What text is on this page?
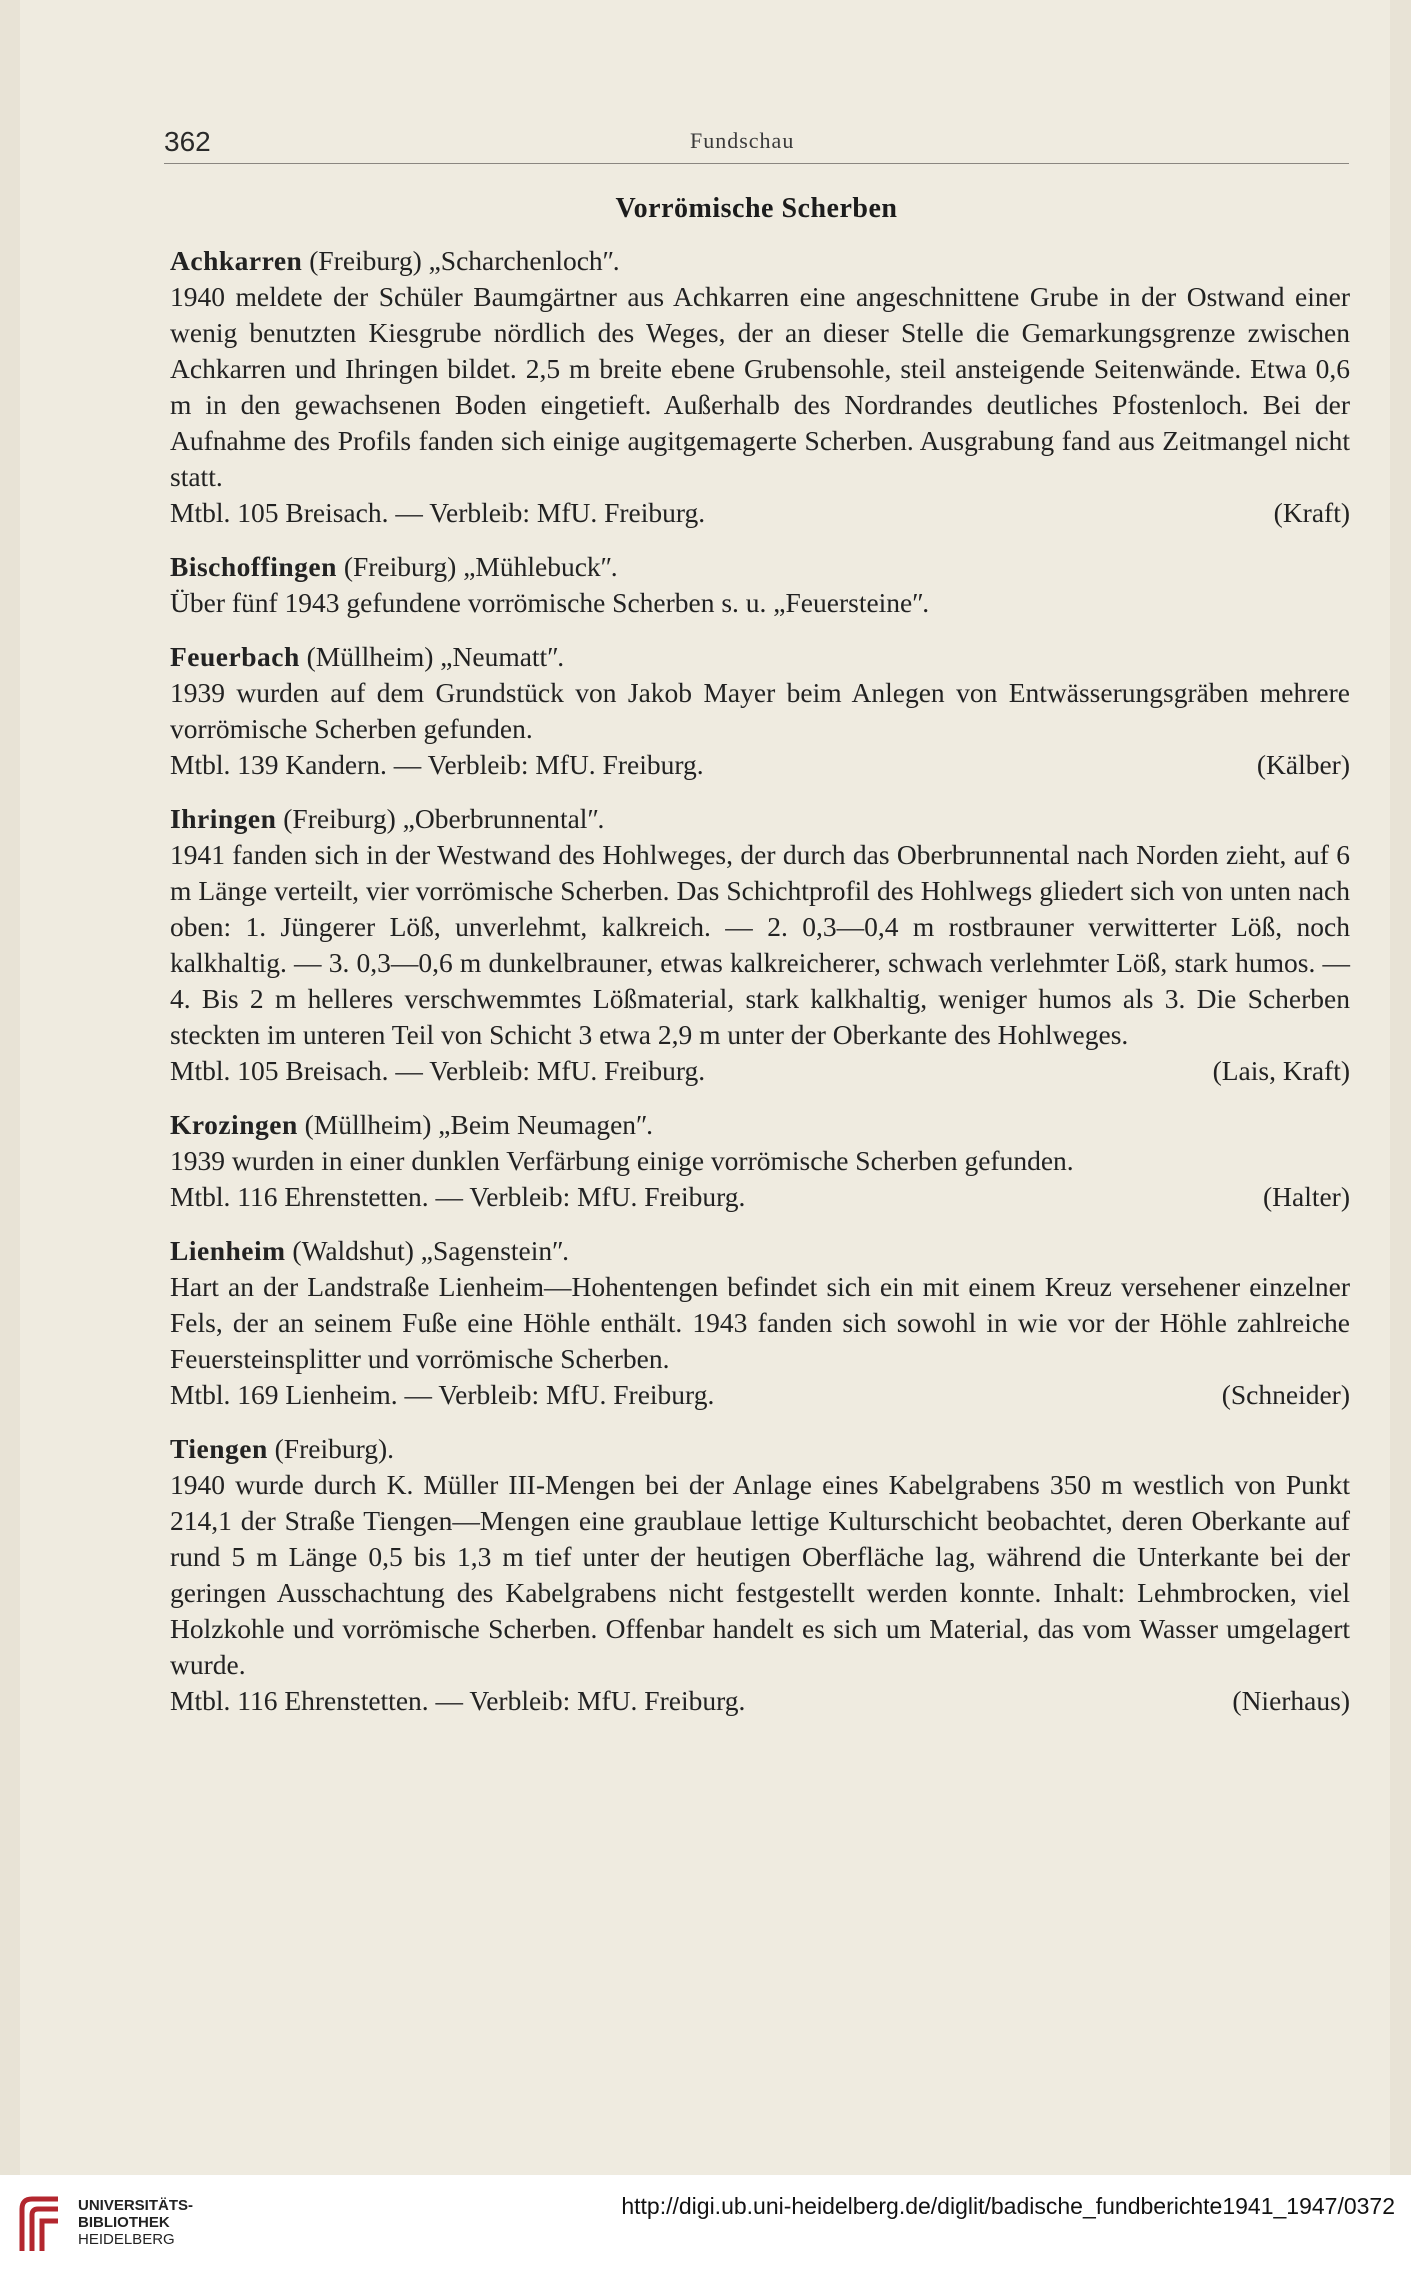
362	Fundschau
Vorrömische Scherben

Achkarren (Freiburg) „Scharchenlochʺ.

1940 meldete der Schüler Baumgärtner aus Achkarren eine angeschnittene Grube in der Ostwand einer wenig benutzten Kiesgrube nördlich des Weges, der an dieser Stelle die Gemarkungsgrenze zwischen Achkarren und Ihringen bildet. 2,5 m breite ebene Grubensohle, steil ansteigende Seitenwände. Etwa 0,6 m in den gewachsenen Boden eingetieft. Außerhalb des Nordrandes deutliches Pfostenloch. Bei der Aufnahme des Profils fanden sich einige augitgemagerte Scherben. Ausgrabung fand aus Zeitmangel nicht statt.

Mtbl. 105 Breisach. — Verbleib: MfU. Freiburg.	(Kraft)

Bischoffingen (Freiburg) „Mühlebuckʺ.

Über fünf 1943 gefundene vorrömische Scherben s. u. „Feuersteineʺ.

Feuerbach (Müllheim) „Neumattʺ.

1939 wurden auf dem Grundstück von Jakob Mayer beim Anlegen von Entwässerungsgräben mehrere vorrömische Scherben gefunden.

Mtbl. 139 Kandern. — Verbleib: MfU. Freiburg.	(Kälber)

Ihringen (Freiburg) „Oberbrunnentalʺ.

1941 fanden sich in der Westwand des Hohlweges, der durch das Oberbrunnental nach Norden zieht, auf 6 m Länge verteilt, vier vorrömische Scherben. Das Schichtprofil des Hohlwegs gliedert sich von unten nach oben: 1. Jüngerer Löß, unverlehmt, kalkreich. — 2. 0,3—0,4 m rostbrauner verwitterter Löß, noch kalkhaltig. — 3. 0,3—0,6 m dunkelbrauner, etwas kalkreicherer, schwach verlehmter Löß, stark humos. — 4. Bis 2 m helleres verschwemmtes Lößmaterial, stark kalkhaltig, weniger humos als 3. Die Scherben steckten im unteren Teil von Schicht 3 etwa 2,9 m unter der Oberkante des Hohlweges.

Mtbl. 105 Breisach. — Verbleib: MfU. Freiburg.	(Lais, Kraft)

Krozingen (Müllheim) „Beim Neumagenʺ.

1939 wurden in einer dunklen Verfärbung einige vorrömische Scherben gefunden.

Mtbl. 116 Ehrenstetten. — Verbleib: MfU. Freiburg.	(Halter)

Lienheim (Waldshut) „Sagensteinʺ.

Hart an der Landstraße Lienheim—Hohentengen befindet sich ein mit einem Kreuz versehener einzelner Fels, der an seinem Fuße eine Höhle enthält. 1943 fanden sich sowohl in wie vor der Höhle zahlreiche Feuersteinsplitter und vorrömische Scherben.

Mtbl. 169 Lienheim. — Verbleib: MfU. Freiburg.	(Schneider)

Tiengen (Freiburg).

1940 wurde durch K. Müller III-Mengen bei der Anlage eines Kabelgrabens 350 m westlich von Punkt 214,1 der Straße Tiengen—Mengen eine graublaue lettige Kulturschicht beobachtet, deren Oberkante auf rund 5 m Länge 0,5 bis 1,3 m tief unter der heutigen Oberfläche lag, während die Unterkante bei der geringen Ausschachtung des Kabelgrabens nicht festgestellt werden konnte. Inhalt: Lehmbrocken, viel Holzkohle und vorrömische Scherben. Offenbar handelt es sich um Material, das vom Wasser umgelagert wurde.

Mtbl. 116 Ehrenstetten. — Verbleib: MfU. Freiburg.	(Nierhaus)

UNIVERSITÄTS-
BIBLIOTHEK
HEIDELBERG
http://digi.ub.uni-heidelberg.de/diglit/badische_fundberichte1941_1947/0372
